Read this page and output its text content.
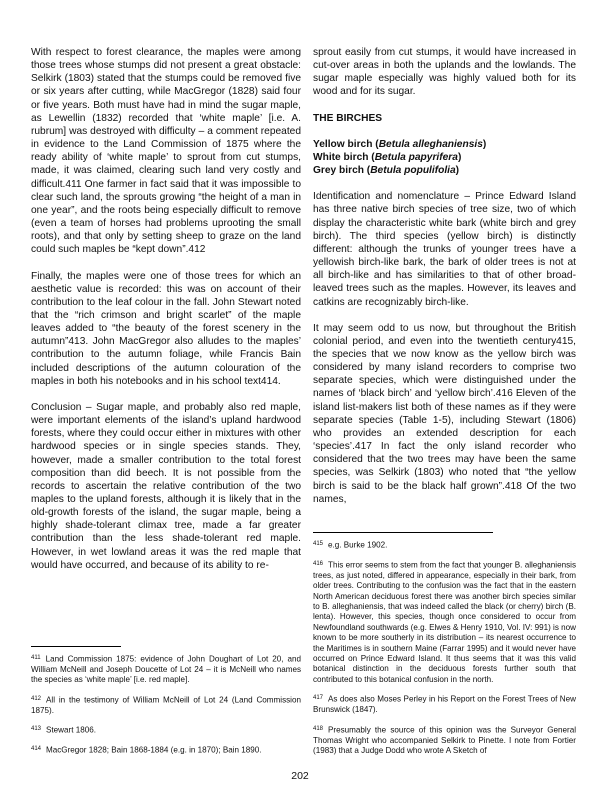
With respect to forest clearance, the maples were among those trees whose stumps did not present a great obstacle: Selkirk (1803) stated that the stumps could be removed five or six years after cutting, while MacGregor (1828) said four or five years. Both must have had in mind the sugar maple, as Lewellin (1832) recorded that ‘white maple’ [i.e. A. rubrum] was destroyed with difficulty – a comment repeated in evidence to the Land Commission of 1875 where the ready ability of ‘white maple’ to sprout from cut stumps, made, it was claimed, clearing such land very costly and difficult.411 One farmer in fact said that it was impossible to clear such land, the sprouts growing “the height of a man in one year”, and the roots being especially difficult to remove (even a team of horses had problems uprooting the small roots), and that only by setting sheep to graze on the land could such maples be “kept down”.412

Finally, the maples were one of those trees for which an aesthetic value is recorded: this was on account of their contribution to the leaf colour in the fall. John Stewart noted that the “rich crimson and bright scarlet” of the maple leaves added to “the beauty of the forest scenery in the autumn”413. John MacGregor also alludes to the maples’ contribution to the autumn foliage, while Francis Bain included descriptions of the autumn colouration of the maples in both his notebooks and in his school text414.

Conclusion – Sugar maple, and probably also red maple, were important elements of the island’s upland hardwood forests, where they could occur either in mixtures with other hardwood species or in single species stands. They, however, made a smaller contribution to the total forest composition than did beech. It is not possible from the records to ascertain the relative contribution of the two maples to the upland forests, although it is likely that in the old-growth forests of the island, the sugar maple, being a highly shade-tolerant climax tree, made a far greater contribution than the less shade-tolerant red maple. However, in wet lowland areas it was the red maple that would have occurred, and because of its ability to re-

$^{411}$ Land Commission 1875: evidence of John Doughart of Lot 20, and William McNeill and Joseph Doucette of Lot 24 – it is McNeill who names the species as ‘white maple’ [i.e. red maple].

$^{412}$ All in the testimony of William McNeill of Lot 24 (Land Commission 1875).

$^{413}$ Stewart 1806.

$^{414}$ MacGregor 1828; Bain 1868-1884 (e.g. in 1870); Bain 1890.

sprout easily from cut stumps, it would have increased in cut-over areas in both the uplands and the lowlands. The sugar maple especially was highly valued both for its wood and for its sugar.

THE BIRCHES
Yellow birch (Betula alleghaniensis)
White birch (Betula papyrifera)
Grey birch (Betula populifolia)

Identification and nomenclature – Prince Edward Island has three native birch species of tree size, two of which display the characteristic white bark (white birch and grey birch). The third species (yellow birch) is distinctly different: although the trunks of younger trees have a yellowish birch-like bark, the bark of older trees is not at all birch-like and has similarities to that of other broad-leaved trees such as the maples. However, its leaves and catkins are recognizably birch-like.

It may seem odd to us now, but throughout the British colonial period, and even into the twentieth century415, the species that we now know as the yellow birch was considered by many island recorders to comprise two separate species, which were distinguished under the names of ‘black birch’ and ‘yellow birch’.416 Eleven of the island list-makers list both of these names as if they were separate species (Table 1-5), including Stewart (1806) who provides an extended description for each ‘species’.417 In fact the only island recorder who considered that the two trees may have been the same species, was Selkirk (1803) who noted that “the yellow birch is said to be the black half grown”.418 Of the two names,

$^{415}$ e.g. Burke 1902.

$^{416}$ This error seems to stem from the fact that younger B. alleghaniensis trees, as just noted, differed in appearance, especially in their bark, from older trees. Contributing to the confusion was the fact that in the eastern North American deciduous forest there was another birch species similar to B. alleghaniensis, that was indeed called the black (or cherry) birch (B. lenta). However, this species, though once considered to occur from Newfoundland southwards (e.g. Elwes & Henry 1910, Vol. IV: 991) is now known to be more southerly in its distribution – its nearest occurrence to the Maritimes is in southern Maine (Farrar 1995) and it would never have occurred on Prince Edward Island. It thus seems that it was this valid botanical distinction in the deciduous forests further south that contributed to this botanical confusion in the north.

$^{417}$ As does also Moses Perley in his Report on the Forest Trees of New Brunswick (1847).

$^{418}$ Presumably the source of this opinion was the Surveyor General Thomas Wright who accompanied Selkirk to Pinette. I note from Fortier (1983) that a Judge Dodd who wrote A Sketch of

202
